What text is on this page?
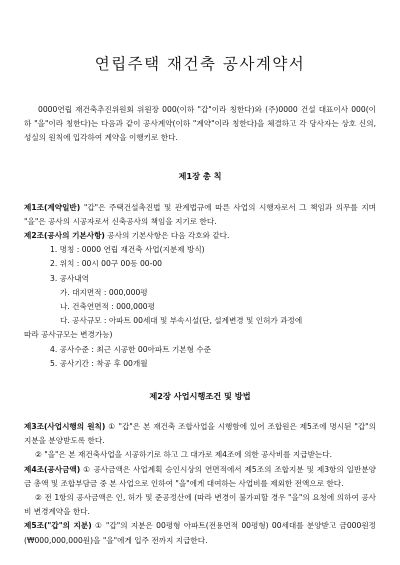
연립주택 재건축 공사계약서

0000연립 재건축추진위원회 위원장 000(이하 "갑"이라 칭한다)와 (주)0000 건설 대표이사 000(이하 "을"이라 칭한다)는 다음과 같이 공사계약(이하 "계약"이라 칭한다)을 체결하고 각 당사자는 상호 신의, 성실의 원칙에 입각하여 계약을 이행키로 한다.

제1장 총 칙

제1조(계약일반) "갑"은 주택건설촉진법 및 관계법규에 따른 사업의 시행자로서 그 책임과 의무를 지며 "을"은 공사의 시공자로서 신축공사의 책임을 지기로 한다.

제2조(공사의 기본사항) 공사의 기본사항은 다음 각호와 같다.

1. 명칭 : 0000 연립 재건축 사업(지분제 방식)
2. 위치 : 00시 00구 00동 00-00
3. 공사내역
가. 대지면적 : 000,000평
나. 건축연면적 : 000,000평
다. 공사규모 : 아파트 00세대 및 부속시설(단, 설계변경 및 인허가 과정에
따라 공사규모는 변경가능)
4. 공사수준 : 최근 시공한 00아파트 기본형 수준
5. 공사기간 : 착공 후 00개월
제2장 사업시행조건 및 방법

제3조(사업시행의 원칙) ① "갑"은 본 재건축 조합사업을 시행함에 있어 조합원은 제5조에 명시된 "갑"의 지분을 분양받도록 한다.

② "을"은 본 재건축사업을 시공하기로 하고 그 대가로 제4조에 의한 공사비를 지급받는다.

제4조(공사금액) ① 공사금액은 사업계획 승인시상의 연면적에서 제5조의 조합지분 및 제3항의 일반분양금 총액 및 조합부담금 중 본 사업으로 인하여 "을"에게 대여하는 사업비를 제외한 전액으로 한다.

② 전 1항의 공사금액은 인, 허가 및 준공정산에 (따라 변경이 불가피할 경우 "을"의 요청에 의하여 공사비 변경계약을 한다.

제5조("갑"의 지분) ① "갑"의 지분은 00평형 아파트(전용면적 00평형) 00세대를 분양받고 금000원정(₩000,000,000원)을 "을"에게 입주 전까지 지급한다.
